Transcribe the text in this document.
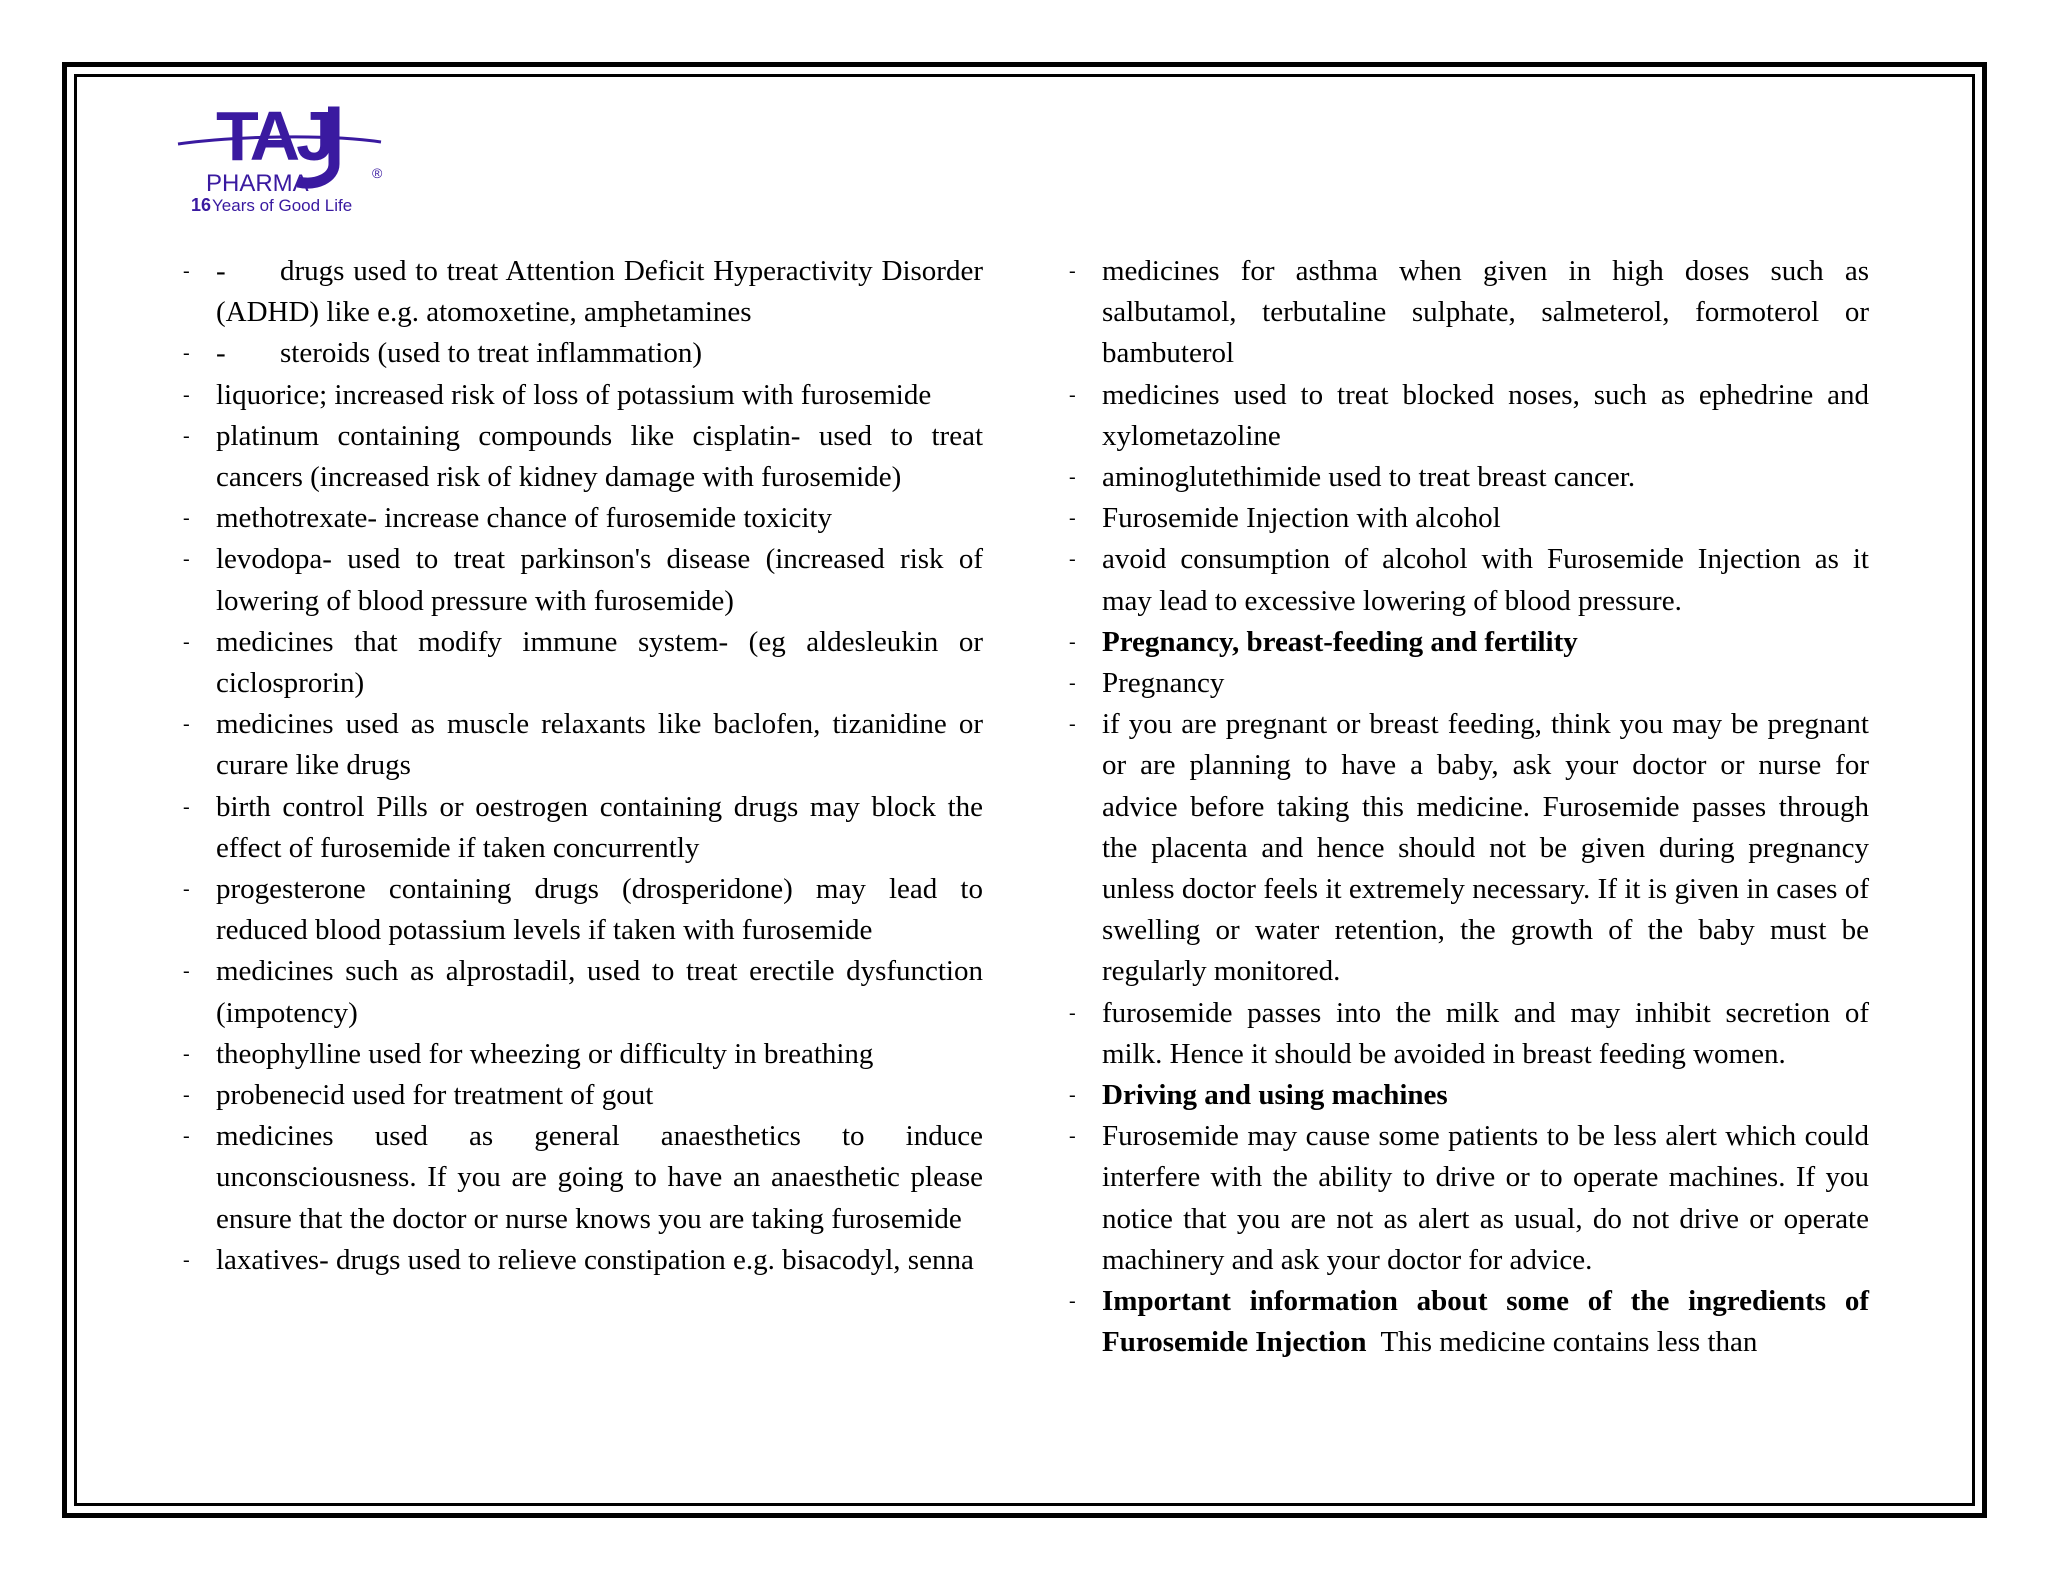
TAJ	®
PHARMA
16 Years of Good Life
- - drugs used to treat Attention Deficit Hyperactivity Disorder (ADHD) like e.g. atomoxetine, amphetamines
- - steroids (used to treat inflammation)
- liquorice; increased risk of loss of potassium with furosemide
- platinum containing compounds like cisplatin- used to treat cancers (increased risk of kidney damage with furosemide)
- methotrexate- increase chance of furosemide toxicity
- levodopa- used to treat parkinson's disease (increased risk of lowering of blood pressure with furosemide)
- medicines that modify immune system- (eg aldesleukin or ciclosprorin)
- medicines used as muscle relaxants like baclofen, tizanidine or curare like drugs
- birth control Pills or oestrogen containing drugs may block the effect of furosemide if taken concurrently
- progesterone containing drugs (drosperidone) may lead to reduced blood potassium levels if taken with furosemide
- medicines such as alprostadil, used to treat erectile dysfunction (impotency)
- theophylline used for wheezing or difficulty in breathing
- probenecid used for treatment of gout
- medicines used as general anaesthetics to induce unconsciousness. If you are going to have an anaesthetic please ensure that the doctor or nurse knows you are taking furosemide
- laxatives- drugs used to relieve constipation e.g. bisacodyl, senna
- medicines for asthma when given in high doses such as salbutamol, terbutaline sulphate, salmeterol, formoterol or bambuterol
- medicines used to treat blocked noses, such as ephedrine and xylometazoline
- aminoglutethimide used to treat breast cancer.
- Furosemide Injection with alcohol
- avoid consumption of alcohol with Furosemide Injection as it may lead to excessive lowering of blood pressure.
- Pregnancy, breast-feeding and fertility
- Pregnancy
- if you are pregnant or breast feeding, think you may be pregnant or are planning to have a baby, ask your doctor or nurse for advice before taking this medicine. Furosemide passes through the placenta and hence should not be given during pregnancy unless doctor feels it extremely necessary. If it is given in cases of swelling or water retention, the growth of the baby must be regularly monitored.
- furosemide passes into the milk and may inhibit secretion of milk. Hence it should be avoided in breast feeding women.
- Driving and using machines
- Furosemide may cause some patients to be less alert which could interfere with the ability to drive or to operate machines. If you notice that you are not as alert as usual, do not drive or operate machinery and ask your doctor for advice.
- Important information about some of the ingredients of Furosemide Injection  This medicine contains less than
